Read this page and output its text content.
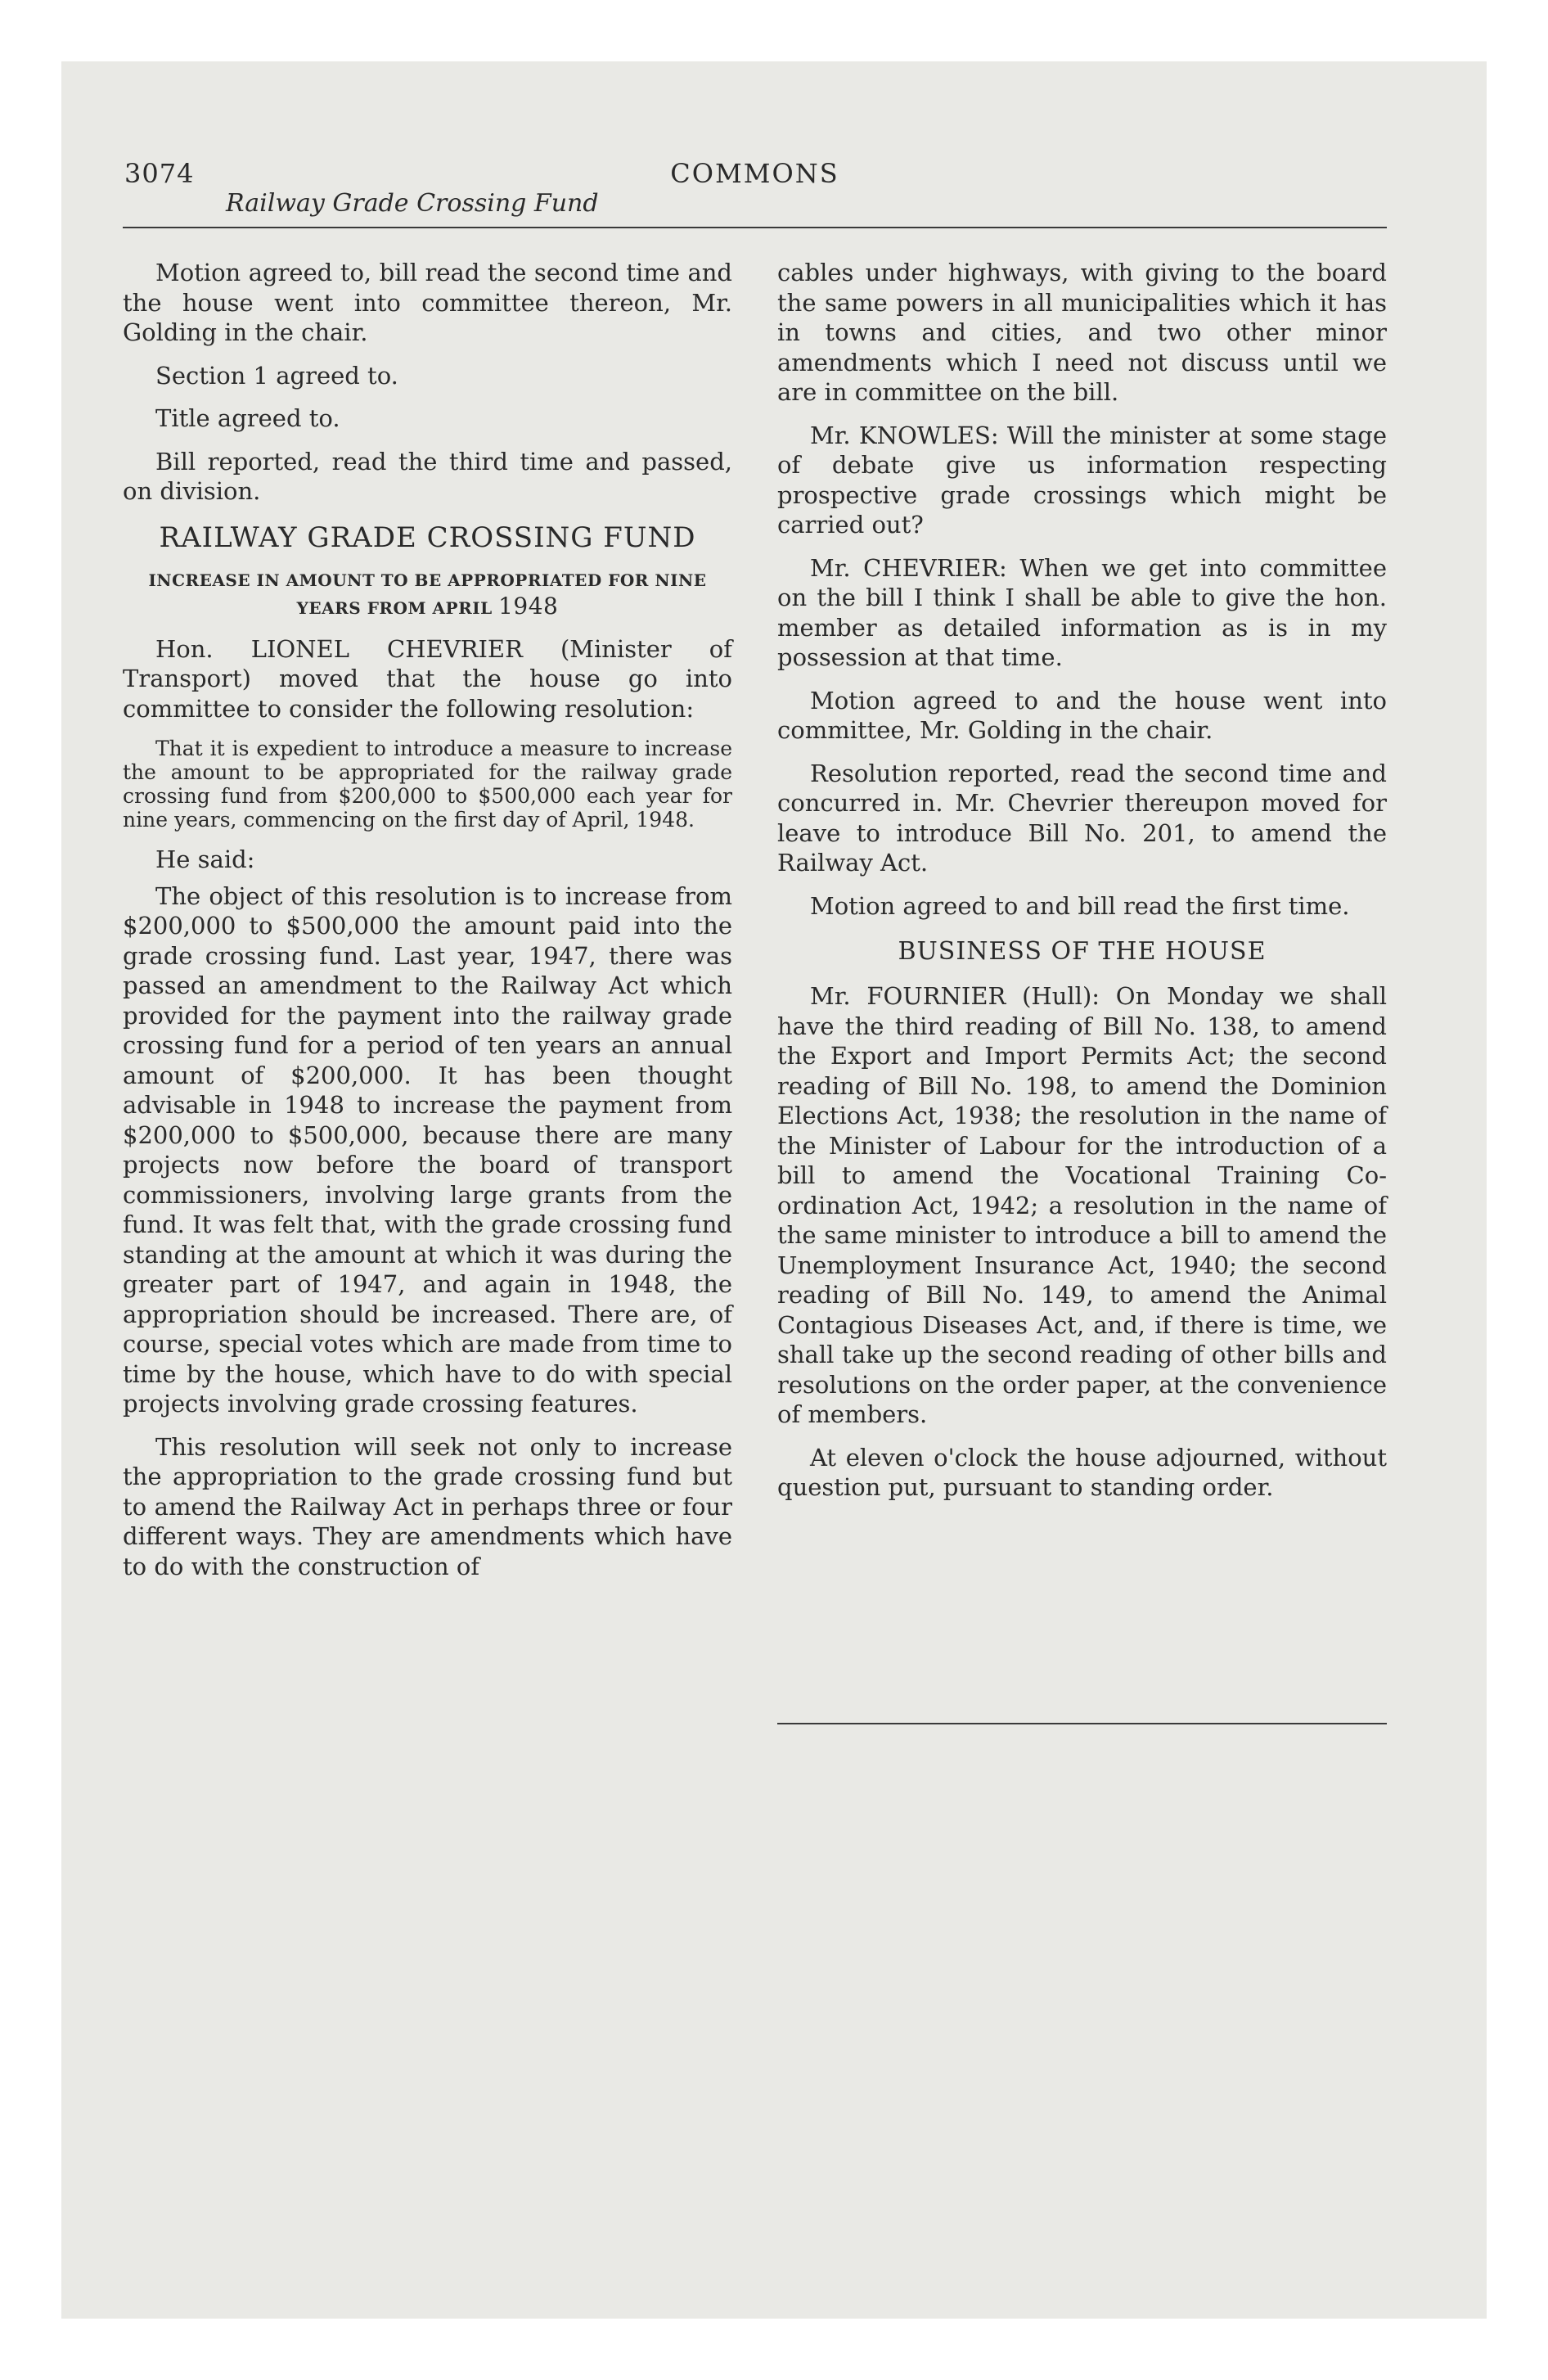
3074	COMMONS
Railway Grade Crossing Fund

Motion agreed to, bill read the second time and the house went into committee thereon, Mr. Golding in the chair.

Section 1 agreed to.

Title agreed to.

Bill reported, read the third time and passed, on division.

RAILWAY GRADE CROSSING FUND
INCREASE IN AMOUNT TO BE APPROPRIATED FOR NINE YEARS FROM APRIL 1948

Hon. LIONEL CHEVRIER (Minister of Transport) moved that the house go into committee to consider the following resolution:

That it is expedient to introduce a measure to increase the amount to be appropriated for the railway grade crossing fund from $200,000 to $500,000 each year for nine years, commencing on the first day of April, 1948.

He said:

The object of this resolution is to increase from $200,000 to $500,000 the amount paid into the grade crossing fund. Last year, 1947, there was passed an amendment to the Railway Act which provided for the payment into the railway grade crossing fund for a period of ten years an annual amount of $200,000. It has been thought advisable in 1948 to increase the payment from $200,000 to $500,000, because there are many projects now before the board of transport commissioners, involving large grants from the fund. It was felt that, with the grade crossing fund standing at the amount at which it was during the greater part of 1947, and again in 1948, the appropriation should be increased. There are, of course, special votes which are made from time to time by the house, which have to do with special projects involving grade crossing features.

This resolution will seek not only to increase the appropriation to the grade crossing fund but to amend the Railway Act in perhaps three or four different ways. They are amendments which have to do with the construction of

cables under highways, with giving to the board the same powers in all municipalities which it has in towns and cities, and two other minor amendments which I need not discuss until we are in committee on the bill.

Mr. KNOWLES: Will the minister at some stage of debate give us information respecting prospective grade crossings which might be carried out?

Mr. CHEVRIER: When we get into committee on the bill I think I shall be able to give the hon. member as detailed information as is in my possession at that time.

Motion agreed to and the house went into committee, Mr. Golding in the chair.

Resolution reported, read the second time and concurred in. Mr. Chevrier thereupon moved for leave to introduce Bill No. 201, to amend the Railway Act.

Motion agreed to and bill read the first time.

BUSINESS OF THE HOUSE

Mr. FOURNIER (Hull): On Monday we shall have the third reading of Bill No. 138, to amend the Export and Import Permits Act; the second reading of Bill No. 198, to amend the Dominion Elections Act, 1938; the resolution in the name of the Minister of Labour for the introduction of a bill to amend the Vocational Training Co-ordination Act, 1942; a resolution in the name of the same minister to introduce a bill to amend the Unemployment Insurance Act, 1940; the second reading of Bill No. 149, to amend the Animal Contagious Diseases Act, and, if there is time, we shall take up the second reading of other bills and resolutions on the order paper, at the convenience of members.

At eleven o'clock the house adjourned, without question put, pursuant to standing order.
